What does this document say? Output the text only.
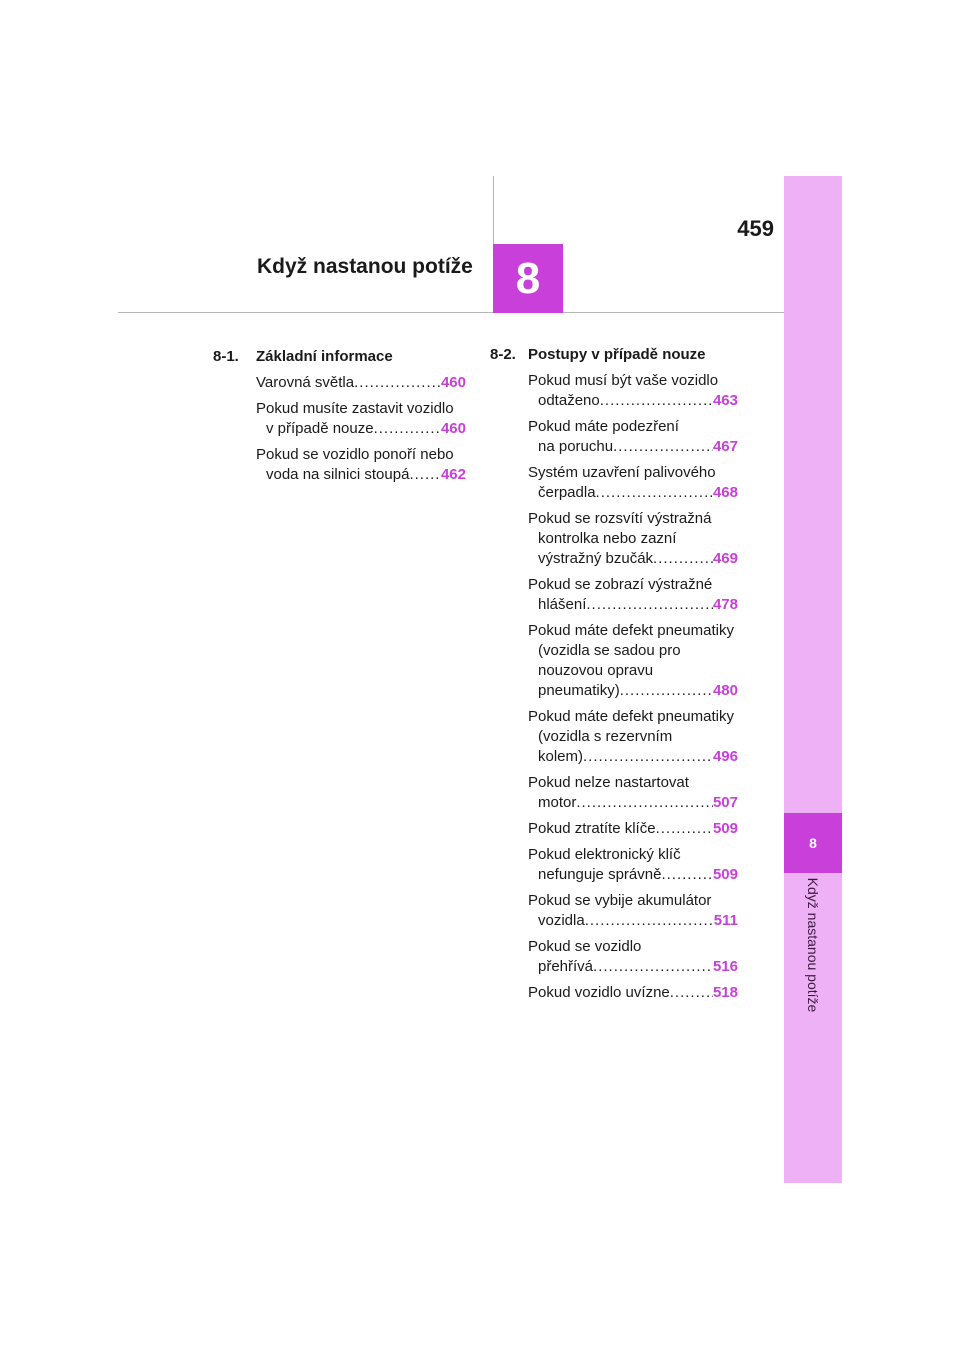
8
Když nastanou potíže
459
Když nastanou potíže 8
8-1.	Základní informace
Varovná světla .....	460
Pokud musíte zastavit vozidlo
v případě nouze .....	460
Pokud se vozidlo ponoří nebo
voda na silnici stoupá ..... 462
8-2. Postupy v případě nouze
Pokud musí být vaše vozidlo
odtaženo .....	463
Pokud máte podezření
na poruchu .....	467
Systém uzavření palivového
čerpadla .....	468
Pokud se rozsvítí výstražná
kontrolka nebo zazní
výstražný bzučák .....	469
Pokud se zobrazí výstražné
hlášení .....	478
Pokud máte defekt pneumatiky
(vozidla se sadou pro
nouzovou opravu
pneumatiky) .....	480
Pokud máte defekt pneumatiky
(vozidla s rezervním
kolem) .....	496
Pokud nelze nastartovat
motor .....	507
Pokud ztratíte klíče .....	509
Pokud elektronický klíč
nefunguje správně .....	509
Pokud se vybije akumulátor
vozidla .....	511
Pokud se vozidlo
přehřívá .....	516
Pokud vozidlo uvízne .....	518
